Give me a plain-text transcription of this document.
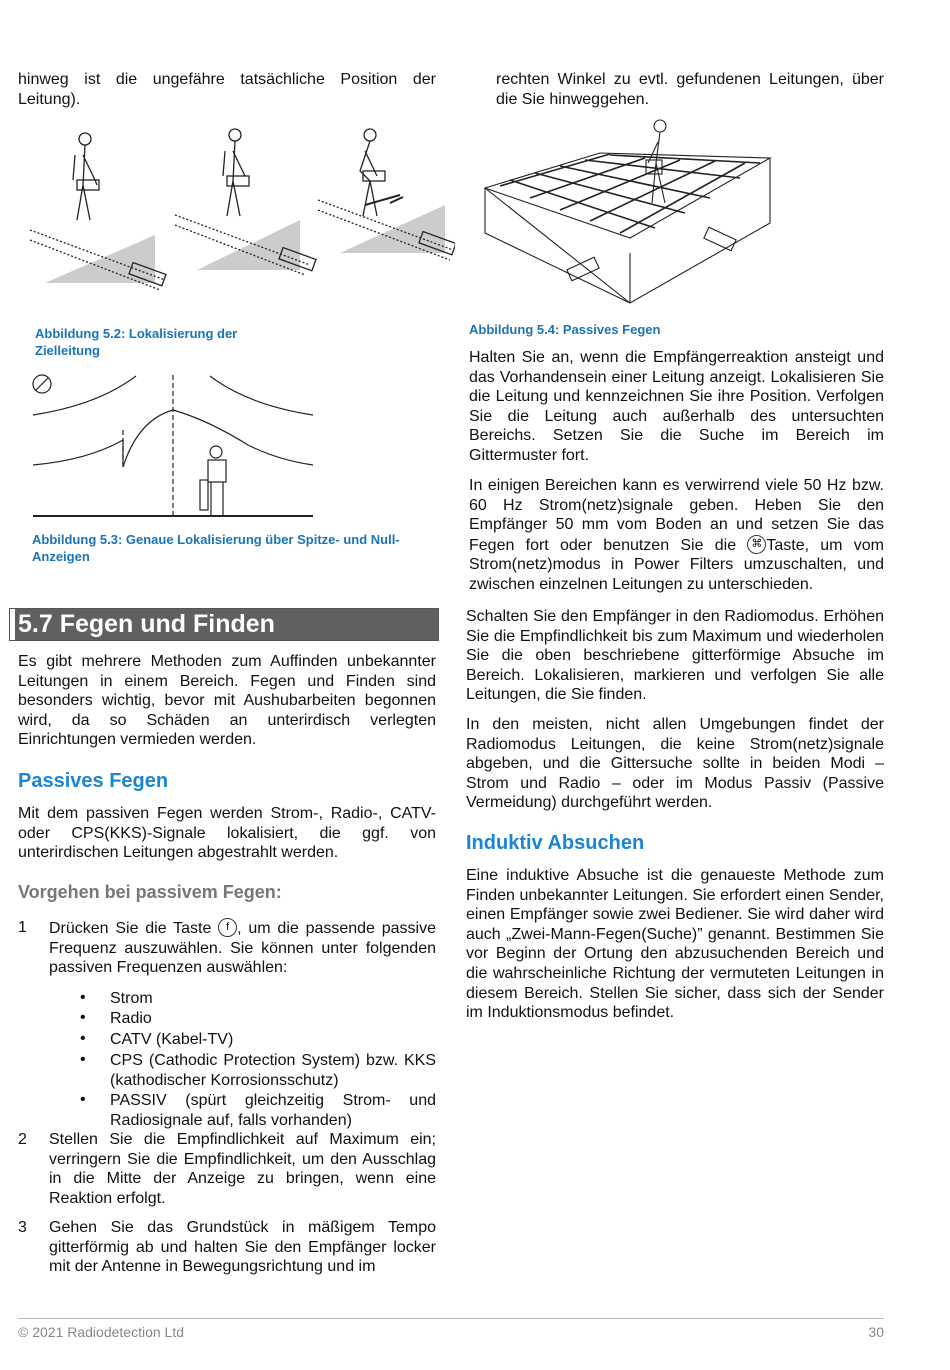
hinweg ist die ungefähre tatsächliche Position der Leitung).
Abbildung 5.2: Lokalisierung der Zielleitung
Abbildung 5.3: Genaue Lokalisierung über Spitze- und Null-Anzeigen
5.7 Fegen und Finden
Es gibt mehrere Methoden zum Auffinden unbekannter Leitungen in einem Bereich. Fegen und Finden sind besonders wichtig, bevor mit Aushubarbeiten begonnen wird, da so Schäden an unterirdisch verlegten Einrichtungen vermieden werden.
Passives Fegen
Mit dem passiven Fegen werden Strom-, Radio-, CATV- oder CPS(KKS)-Signale lokalisiert, die ggf. von unterirdischen Leitungen abgestrahlt werden.
Vorgehen bei passivem Fegen:
1 Drücken Sie die Taste f , um die passende passive Frequenz auszuwählen. Sie können unter folgenden passiven Frequenzen auswählen:
• Strom
• Radio
• CATV (Kabel-TV)
• CPS (Cathodic Protection System) bzw. KKS (kathodischer Korrosionsschutz)
• PASSIV (spürt gleichzeitig Strom- und Radiosignale auf, falls vorhanden)
2 Stellen Sie die Empfindlichkeit auf Maximum ein; verringern Sie die Empfindlichkeit, um den Ausschlag in die Mitte der Anzeige zu bringen, wenn eine Reaktion erfolgt.
3 Gehen Sie das Grundstück in mäßigem Tempo gitterförmig ab und halten Sie den Empfänger locker mit der Antenne in Bewegungsrichtung und im
rechten Winkel zu evtl. gefundenen Leitungen, über die Sie hinweggehen.
Abbildung 5.4: Passives Fegen
Halten Sie an, wenn die Empfängerreaktion ansteigt und das Vorhandensein einer Leitung anzeigt. Lokalisieren Sie die Leitung und kennzeichnen Sie ihre Position. Verfolgen Sie die Leitung auch außerhalb des untersuchten Bereichs. Setzen Sie die Suche im Bereich im Gittermuster fort.
In einigen Bereichen kann es verwirrend viele 50 Hz bzw. 60 Hz Strom(netz)signale geben. Heben Sie den Empfänger 50 mm vom Boden an und setzen Sie das Fegen fort oder benutzen Sie die ⌘ Taste, um vom Strom(netz)modus in Power Filters umzuschalten, und zwischen einzelnen Leitungen zu unterschieden.
Schalten Sie den Empfänger in den Radiomodus. Erhöhen Sie die Empfindlichkeit bis zum Maximum und wiederholen Sie die oben beschriebene gitterförmige Absuche im Bereich. Lokalisieren, markieren und verfolgen Sie alle Leitungen, die Sie finden.
In den meisten, nicht allen Umgebungen findet der Radiomodus Leitungen, die keine Strom(netz)signale abgeben, und die Gittersuche sollte in beiden Modi – Strom und Radio – oder im Modus Passiv (Passive Vermeidung) durchgeführt werden.
Induktiv Absuchen
Eine induktive Absuche ist die genaueste Methode zum Finden unbekannter Leitungen. Sie erfordert einen Sender, einen Empfänger sowie zwei Bediener. Sie wird daher wird auch „Zwei-Mann-Fegen(Suche)” genannt. Bestimmen Sie vor Beginn der Ortung den abzusuchenden Bereich und die wahrscheinliche Richtung der vermuteten Leitungen in diesem Bereich. Stellen Sie sicher, dass sich der Sender im Induktionsmodus befindet.
© 2021 Radiodetection Ltd	30
